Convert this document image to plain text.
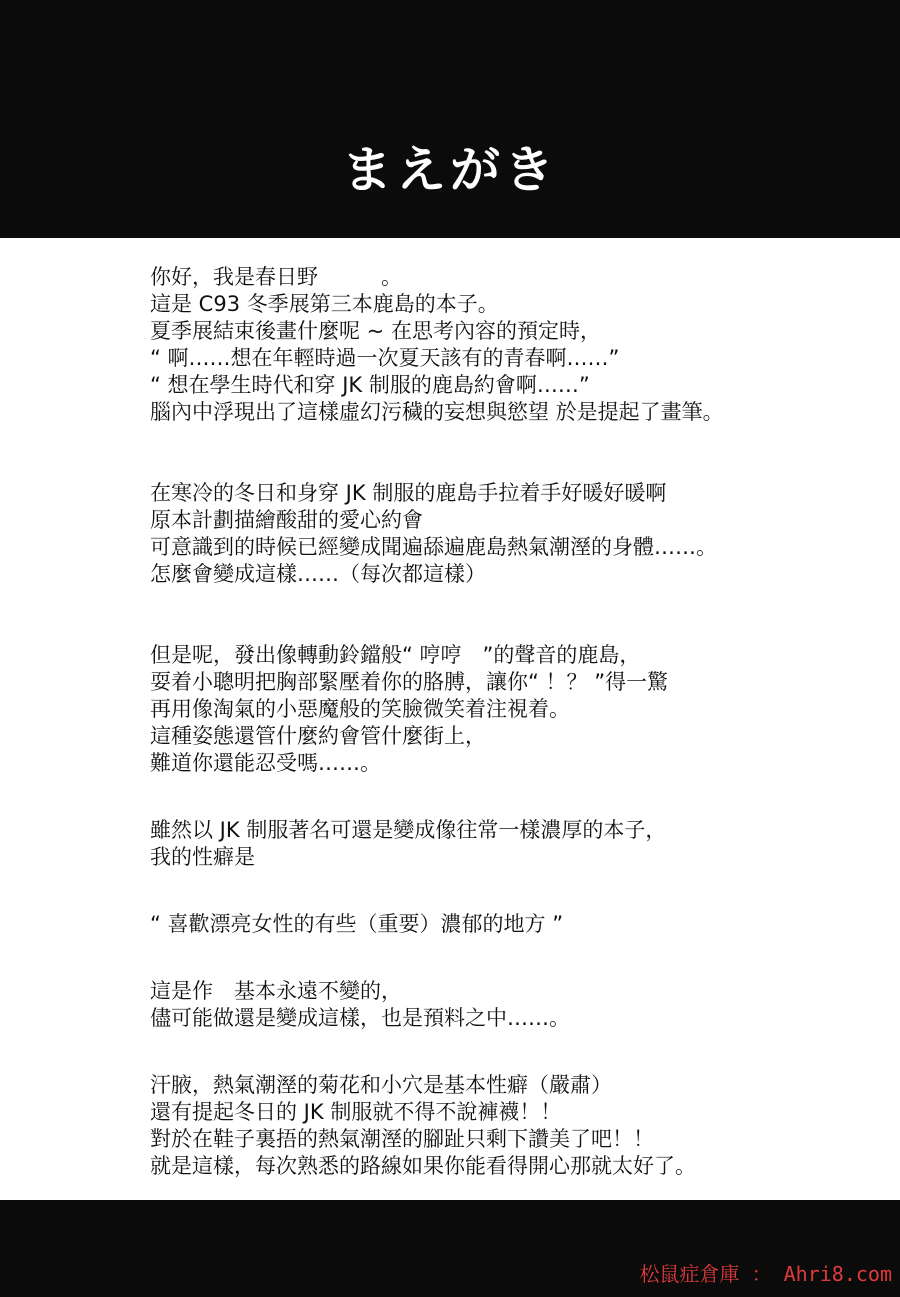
まえがき
你好，我是春日野　　　。
這是 C93 冬季展第三本鹿島的本子。
夏季展結束後畫什麼呢 ~ 在思考內容的預定時，
“ 啊……想在年輕時過一次夏天該有的青春啊……”
“ 想在學生時代和穿 JK 制服的鹿島約會啊……”
腦內中浮現出了這樣虛幻污穢的妄想與慾望 於是提起了畫筆。
在寒冷的冬日和身穿 JK 制服的鹿島手拉着手好暖好暖啊
原本計劃描繪酸甜的愛心約會
可意識到的時候已經變成聞遍舔遍鹿島熱氣潮溼的身體……。
怎麼會變成這樣……（每次都這樣）
但是呢，發出像轉動鈴鐺般“ 哼哼　”的聲音的鹿島，
耍着小聰明把胸部緊壓着你的胳膊，讓你“ ！？ ”得一驚
再用像淘氣的小惡魔般的笑臉微笑着注視着。
這種姿態還管什麼約會管什麼街上，
難道你還能忍受嗎……。
雖然以 JK 制服著名可還是變成像往常一樣濃厚的本子，
我的性癖是
“ 喜歡漂亮女性的有些（重要）濃郁的地方 ”
這是作　基本永遠不變的，
儘可能做還是變成這樣，也是預料之中……。
汗腋，熱氣潮溼的菊花和小穴是基本性癖（嚴肅）
還有提起冬日的 JK 制服就不得不說褲襪！！
對於在鞋子裏捂的熱氣潮溼的腳趾只剩下讚美了吧！！
就是這樣，每次熟悉的路線如果你能看得開心那就太好了。
松鼠症倉庫 ： Ahri8.com
